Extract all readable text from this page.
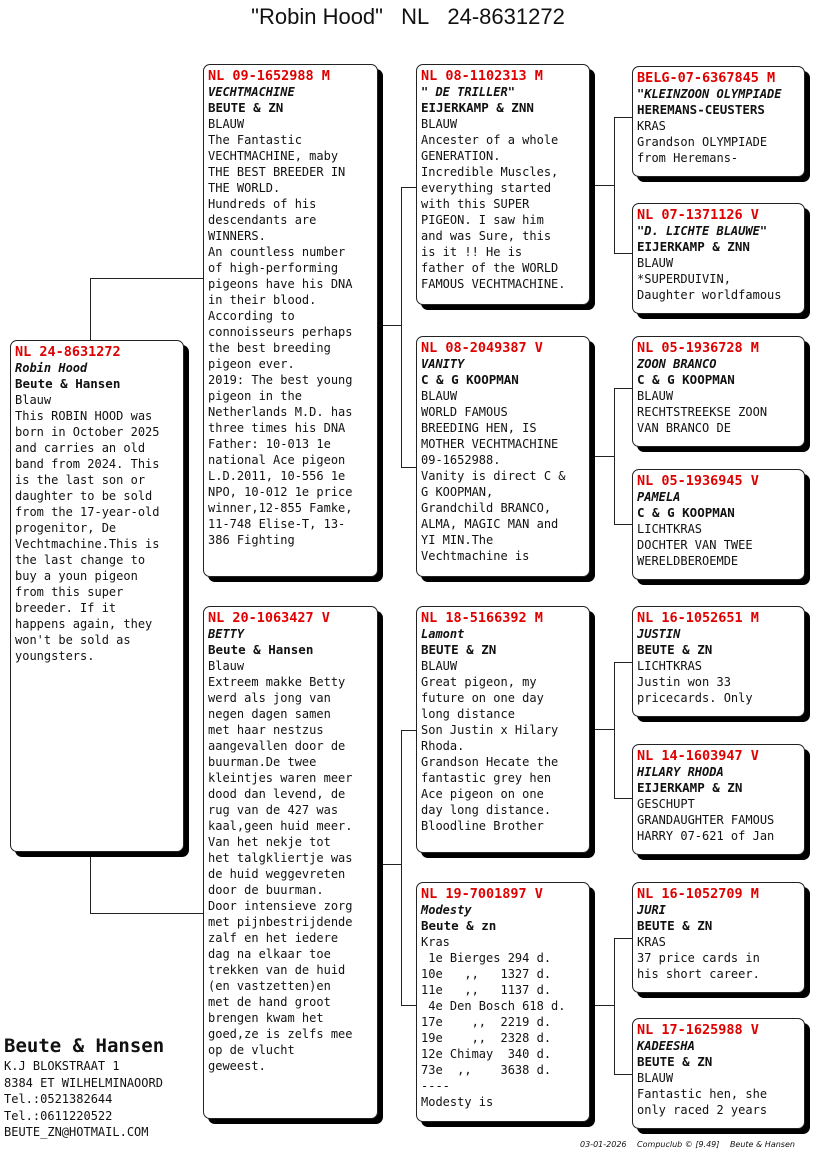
"Robin Hood" NL 24-8631272
NL 24-8631272
Robin Hood
Beute & Hansen
Blauw
This ROBIN HOOD was
born in October 2025
and carries an old
band from 2024. This
is the last son or
daughter to be sold
from the 17-year-old
progenitor, De
Vechtmachine.This is
the last change to
buy a youn pigeon
from this super
breeder. If it
happens again, they
won't be sold as
youngsters.
NL 09-1652988 M
VECHTMACHINE
BEUTE & ZN
BLAUW
The Fantastic
VECHTMACHINE, maby
THE BEST BREEDER IN
THE WORLD.
Hundreds of his
descendants are
WINNERS.
An countless number
of high-performing
pigeons have his DNA
in their blood.
According to
connoisseurs perhaps
the best breeding
pigeon ever.
2019: The best young
pigeon in the
Netherlands M.D. has
three times his DNA
Father: 10-013 1e
national Ace pigeon
L.D.2011, 10-556 1e
NPO, 10-012 1e price
winner,12-855 Famke,
11-748 Elise-T, 13-
386 Fighting
NL 20-1063427 V
BETTY
Beute & Hansen
Blauw
Extreem makke Betty
werd als jong van
negen dagen samen
met haar nestzus
aangevallen door de
buurman.De twee
kleintjes waren meer
dood dan levend, de
rug van de 427 was
kaal,geen huid meer.
Van het nekje tot
het talgkliertje was
de huid weggevreten
door de buurman.
Door intensieve zorg
met pijnbestrijdende
zalf en het iedere
dag na elkaar toe
trekken van de huid
(en vastzetten)en
met de hand groot
brengen kwam het
goed,ze is zelfs mee
op de vlucht
geweest.
NL 08-1102313 M
" DE TRILLER"
EIJERKAMP & ZNN
BLAUW
Ancester of a whole
GENERATION.
Incredible Muscles,
everything started
with this SUPER
PIGEON. I saw him
and was Sure, this
is it !! He is
father of the WORLD
FAMOUS VECHTMACHINE.
NL 08-2049387 V
VANITY
C & G KOOPMAN
BLAUW
WORLD FAMOUS
BREEDING HEN, IS
MOTHER VECHTMACHINE
09-1652988.
Vanity is direct C &
G KOOPMAN,
Grandchild BRANCO,
ALMA, MAGIC MAN and
YI MIN.The
Vechtmachine is
NL 18-5166392 M
Lamont
BEUTE & ZN
BLAUW
Great pigeon, my
future on one day
long distance
Son Justin x Hilary
Rhoda.
Grandson Hecate the
fantastic grey hen
Ace pigeon on one
day long distance.
Bloodline Brother
NL 19-7001897 V
Modesty
Beute & zn
Kras
1e Bierges 294 d.
10e   ,,   1327 d.
11e   ,,   1137 d.
4e Den Bosch 618 d.
17e    ,,  2219 d.
19e    ,,  2328 d.
12e Chimay  340 d.
73e  ,,    3638 d.
----
Modesty is
BELG-07-6367845 M
"KLEINZOON OLYMPIADE
HEREMANS-CEUSTERS
KRAS
Grandson OLYMPIADE
from Heremans-
NL 07-1371126 V
"D. LICHTE BLAUWE"
EIJERKAMP & ZNN
BLAUW
*SUPERDUIVIN,
Daughter worldfamous
NL 05-1936728 M
ZOON BRANCO
C & G KOOPMAN
BLAUW
RECHTSTREEKSE ZOON
VAN BRANCO DE
NL 05-1936945 V
PAMELA
C & G KOOPMAN
LICHTKRAS
DOCHTER VAN TWEE
WERELDBEROEMDE
NL 16-1052651 M
JUSTIN
BEUTE & ZN
LICHTKRAS
Justin won 33
pricecards. Only
NL 14-1603947 V
HILARY RHODA
EIJERKAMP & ZN
GESCHUPT
GRANDAUGHTER FAMOUS
HARRY 07-621 of Jan
NL 16-1052709 M
JURI
BEUTE & ZN
KRAS
37 price cards in
his short career.
NL 17-1625988 V
KADEESHA
BEUTE & ZN
BLAUW
Fantastic hen, she
only raced 2 years
Beute & Hansen
K.J BLOKSTRAAT 1
8384 ET WILHELMINAOORD
Tel.:0521382644
Tel.:0611220522
BEUTE_ZN@HOTMAIL.COM
03-01-2026 Compuclub © [9.49] Beute & Hansen
